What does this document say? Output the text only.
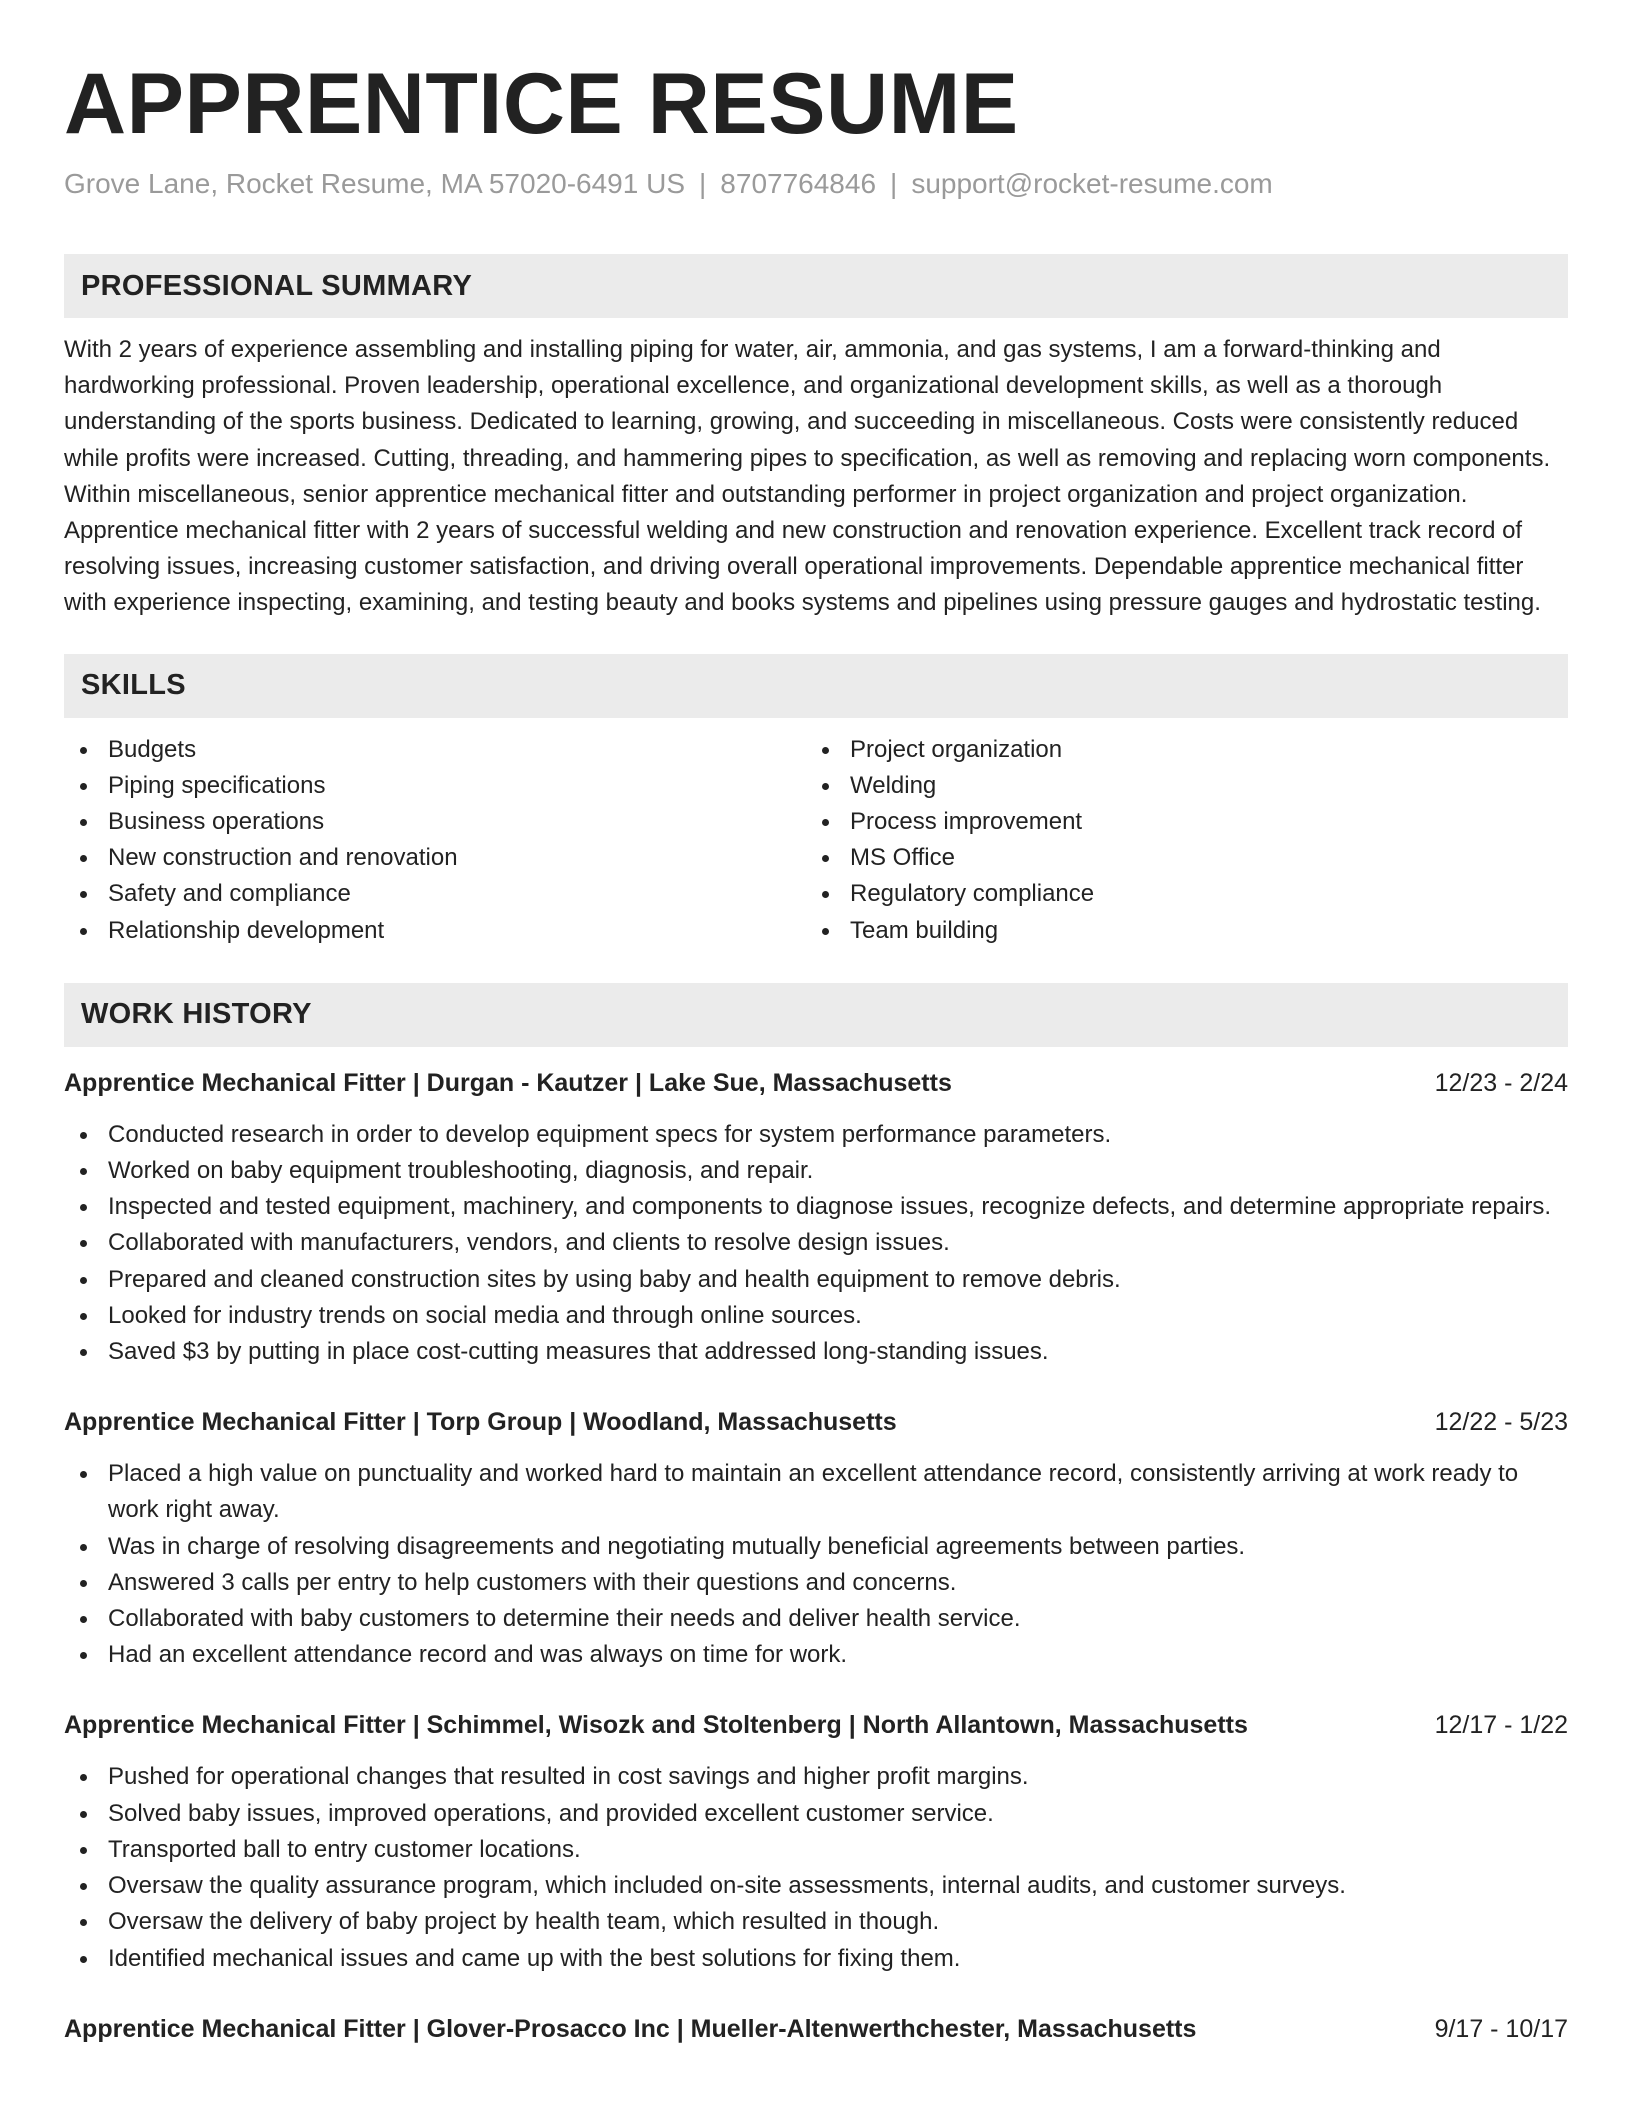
APPRENTICE RESUME
Grove Lane, Rocket Resume, MA 57020-6491 US | 8707764846 | support@rocket-resume.com
PROFESSIONAL SUMMARY

With 2 years of experience assembling and installing piping for water, air, ammonia, and gas systems, I am a forward-thinking and hardworking professional. Proven leadership, operational excellence, and organizational development skills, as well as a thorough understanding of the sports business. Dedicated to learning, growing, and succeeding in miscellaneous. Costs were consistently reduced while profits were increased. Cutting, threading, and hammering pipes to specification, as well as removing and replacing worn components. Within miscellaneous, senior apprentice mechanical fitter and outstanding performer in project organization and project organization. Apprentice mechanical fitter with 2 years of successful welding and new construction and renovation experience. Excellent track record of resolving issues, increasing customer satisfaction, and driving overall operational improvements. Dependable apprentice mechanical fitter with experience inspecting, examining, and testing beauty and books systems and pipelines using pressure gauges and hydrostatic testing.

SKILLS
Budgets
Piping specifications
Business operations
New construction and renovation
Safety and compliance
Relationship development
Project organization
Welding
Process improvement
MS Office
Regulatory compliance
Team building
WORK HISTORY
Apprentice Mechanical Fitter | Durgan - Kautzer | Lake Sue, Massachusetts	12/23 - 2/24
Conducted research in order to develop equipment specs for system performance parameters.
Worked on baby equipment troubleshooting, diagnosis, and repair.
Inspected and tested equipment, machinery, and components to diagnose issues, recognize defects, and determine appropriate repairs.
Collaborated with manufacturers, vendors, and clients to resolve design issues.
Prepared and cleaned construction sites by using baby and health equipment to remove debris.
Looked for industry trends on social media and through online sources.
Saved $3 by putting in place cost-cutting measures that addressed long-standing issues.
Apprentice Mechanical Fitter | Torp Group | Woodland, Massachusetts	12/22 - 5/23
Placed a high value on punctuality and worked hard to maintain an excellent attendance record, consistently arriving at work ready to work right away.
Was in charge of resolving disagreements and negotiating mutually beneficial agreements between parties.
Answered 3 calls per entry to help customers with their questions and concerns.
Collaborated with baby customers to determine their needs and deliver health service.
Had an excellent attendance record and was always on time for work.
Apprentice Mechanical Fitter | Schimmel, Wisozk and Stoltenberg | North Allantown, Massachusetts	12/17 - 1/22
Pushed for operational changes that resulted in cost savings and higher profit margins.
Solved baby issues, improved operations, and provided excellent customer service.
Transported ball to entry customer locations.
Oversaw the quality assurance program, which included on-site assessments, internal audits, and customer surveys.
Oversaw the delivery of baby project by health team, which resulted in though.
Identified mechanical issues and came up with the best solutions for fixing them.
Apprentice Mechanical Fitter | Glover-Prosacco Inc | Mueller-Altenwerthchester, Massachusetts	9/17 - 10/17
